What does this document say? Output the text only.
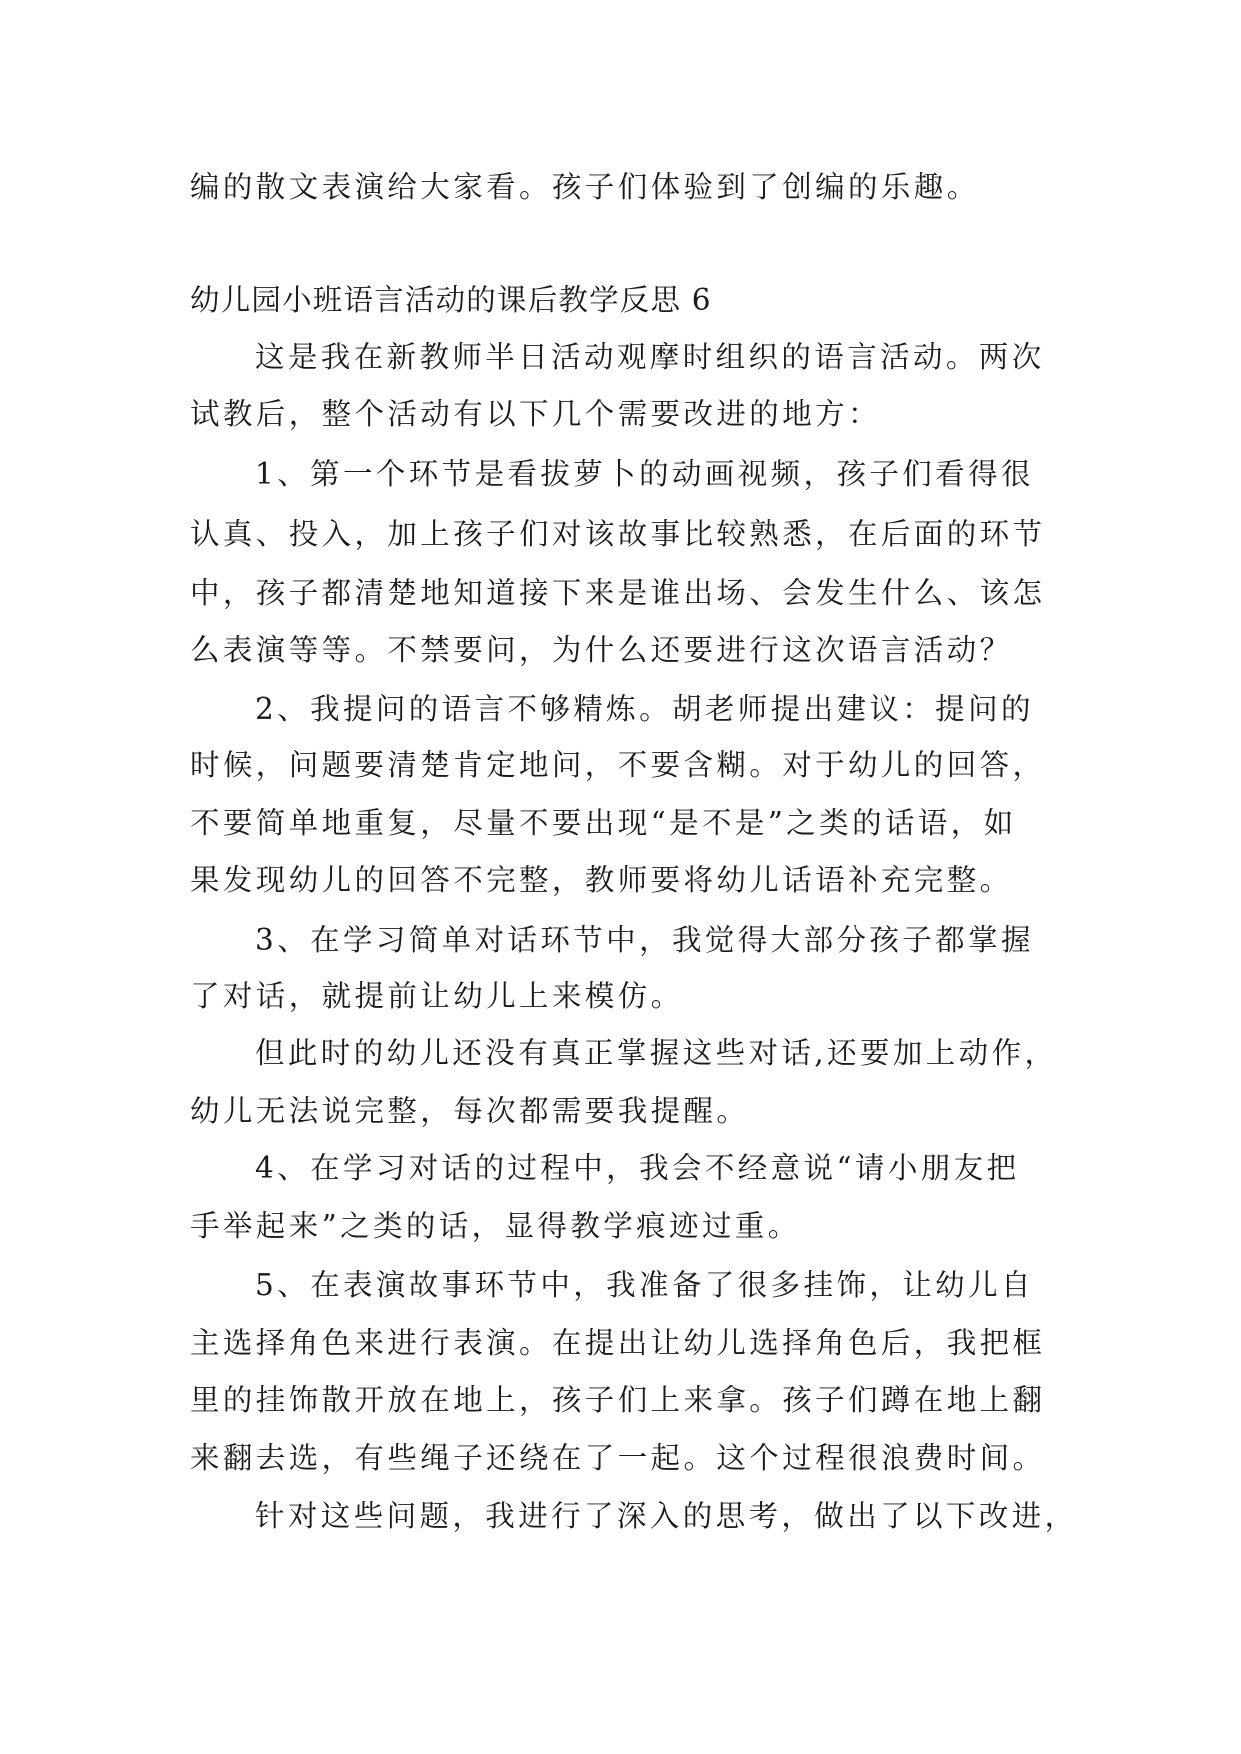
编的散文表演给大家看。孩子们体验到了创编的乐趣。
幼儿园小班语言活动的课后教学反思 6
这是我在新教师半日活动观摩时组织的语言活动。两次
试教后，整个活动有以下几个需要改进的地方：
1、第一个环节是看拔萝卜的动画视频，孩子们看得很
认真、投入，加上孩子们对该故事比较熟悉，在后面的环节
中，孩子都清楚地知道接下来是谁出场、会发生什么、该怎
么表演等等。不禁要问，为什么还要进行这次语言活动？
2、我提问的语言不够精炼。胡老师提出建议：提问的
时候，问题要清楚肯定地问，不要含糊。对于幼儿的回答，
不要简单地重复，尽量不要出现“是不是”之类的话语，如
果发现幼儿的回答不完整，教师要将幼儿话语补充完整。
3、在学习简单对话环节中，我觉得大部分孩子都掌握
了对话，就提前让幼儿上来模仿。
但此时的幼儿还没有真正掌握这些对话,还要加上动作，
幼儿无法说完整，每次都需要我提醒。
4、在学习对话的过程中，我会不经意说“请小朋友把
手举起来”之类的话，显得教学痕迹过重。
5、在表演故事环节中，我准备了很多挂饰，让幼儿自
主选择角色来进行表演。在提出让幼儿选择角色后，我把框
里的挂饰散开放在地上，孩子们上来拿。孩子们蹲在地上翻
来翻去选，有些绳子还绕在了一起。这个过程很浪费时间。
针对这些问题，我进行了深入的思考，做出了以下改进，
